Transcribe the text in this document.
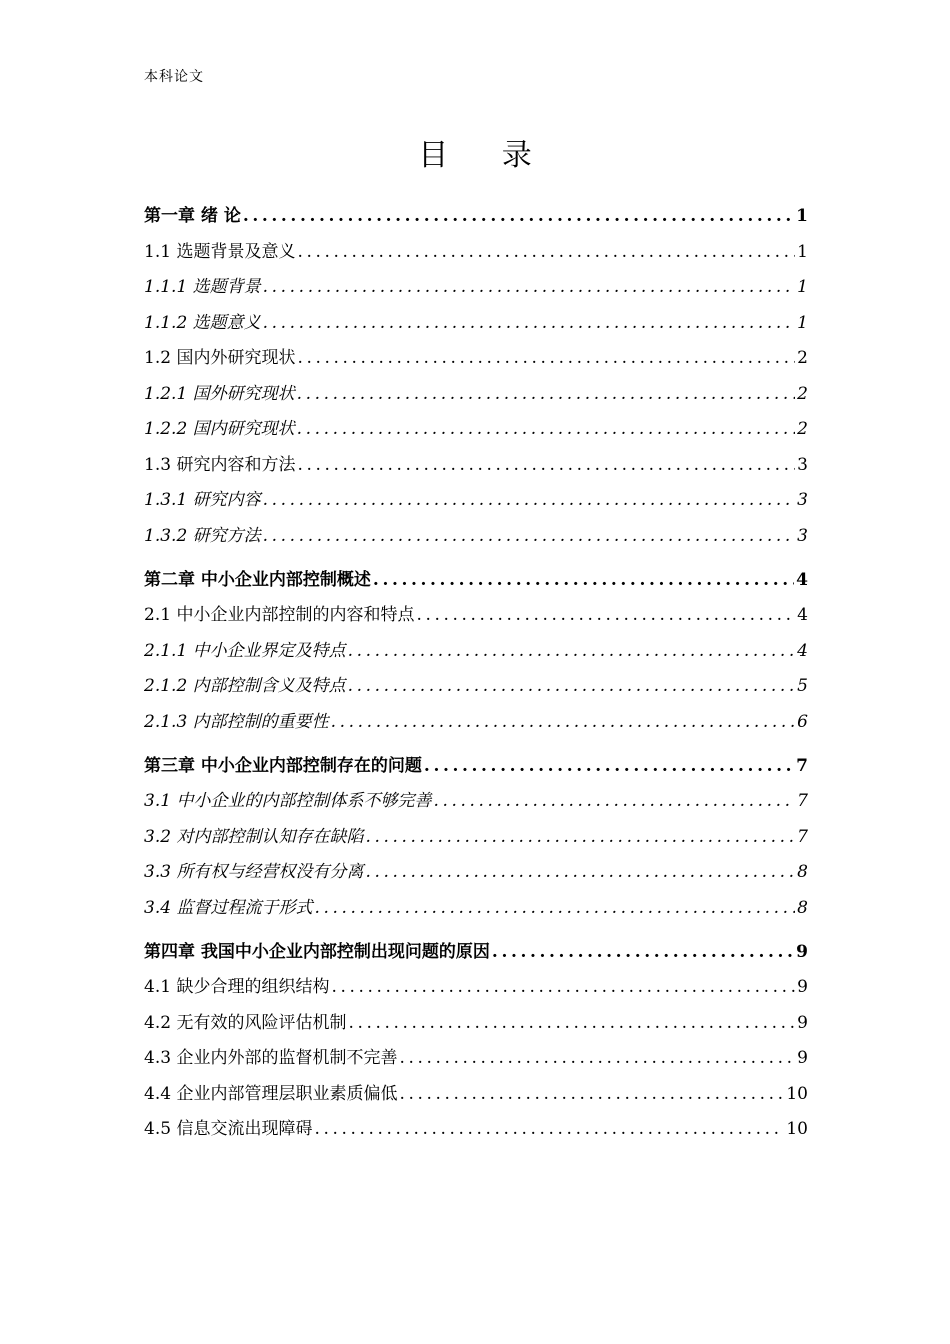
本科论文
目 录
第一章 绪 论 .....	1
1.1 选题背景及意义 .....	1
1.1.1 选题背景 .....	1
1.1.2 选题意义 .....	1
1.2 国内外研究现状 .....	2
1.2.1 国外研究现状 .....	2
1.2.2 国内研究现状 .....	2
1.3 研究内容和方法 .....	3
1.3.1 研究内容 .....	3
1.3.2 研究方法 .....	3
第二章 中小企业内部控制概述 .....	4
2.1 中小企业内部控制的内容和特点 .....	4
2.1.1 中小企业界定及特点 .....	4
2.1.2 内部控制含义及特点 .....	5
2.1.3 内部控制的重要性 .....	6
第三章 中小企业内部控制存在的问题 .....	7
3.1 中小企业的内部控制体系不够完善 .....	7
3.2 对内部控制认知存在缺陷 .....	7
3.3 所有权与经营权没有分离 .....	8
3.4 监督过程流于形式 .....	8
第四章 我国中小企业内部控制出现问题的原因 .....	9
4.1 缺少合理的组织结构 .....	9
4.2 无有效的风险评估机制 .....	9
4.3 企业内外部的监督机制不完善 .....	9
4.4 企业内部管理层职业素质偏低 .....	10
4.5 信息交流出现障碍 .....	10
